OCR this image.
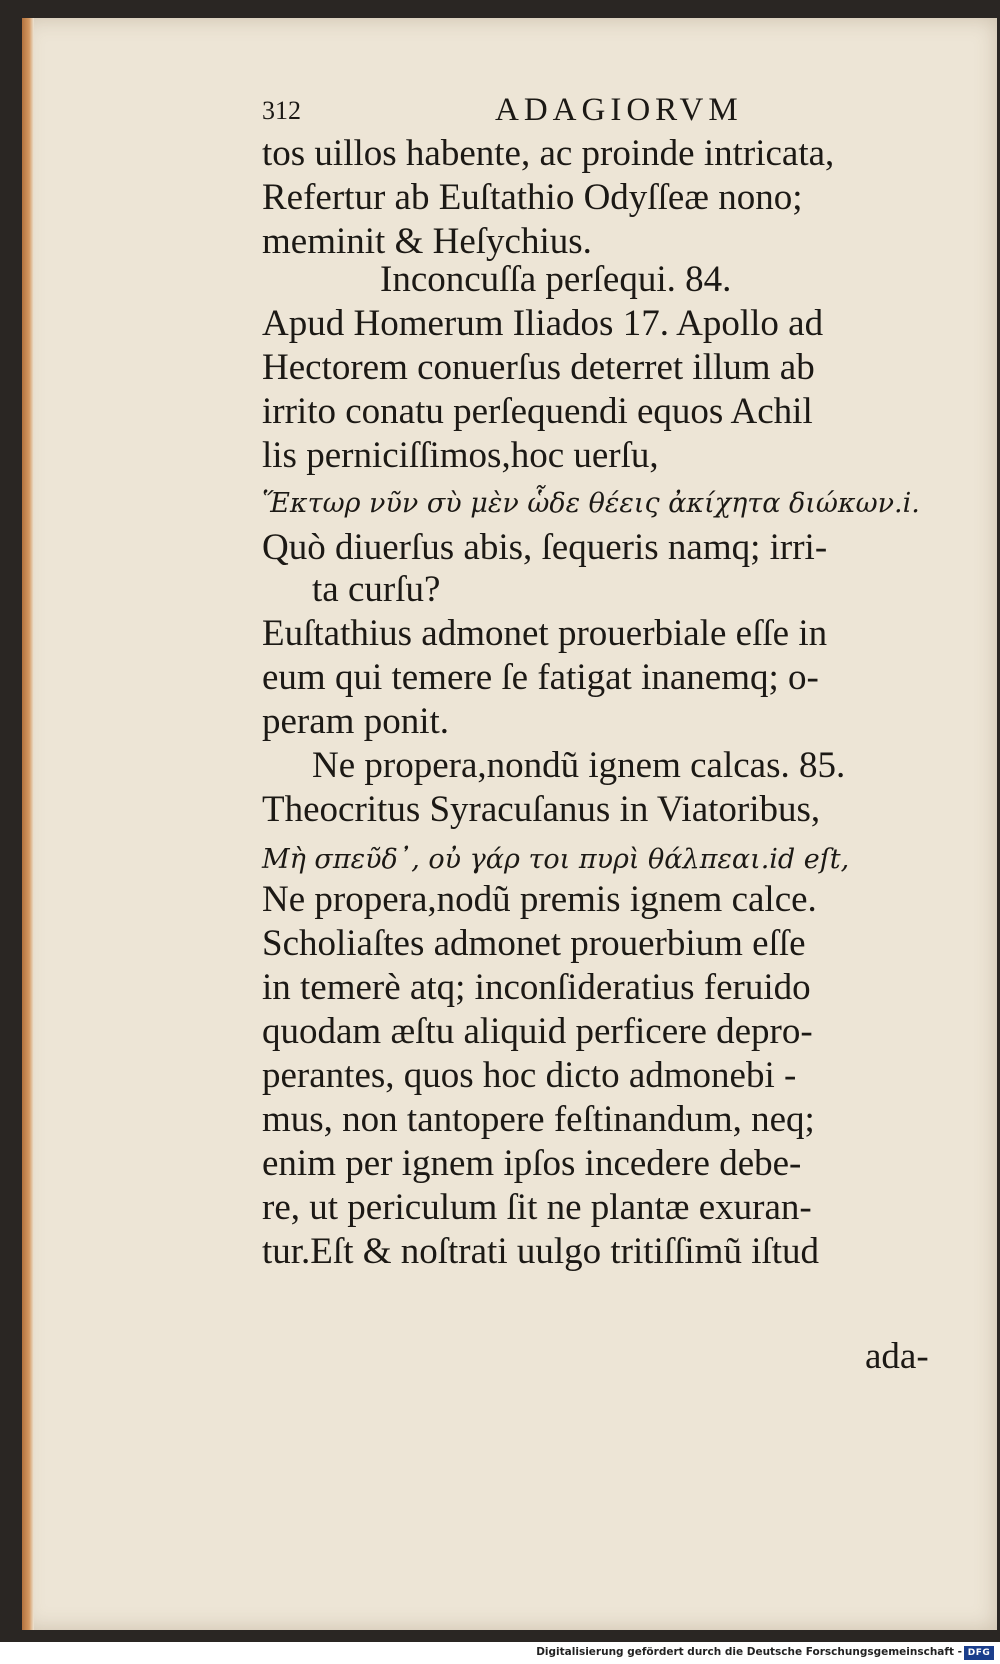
312	ADAGIORVM
tos uillos habente, ac proinde intricata,
Refertur ab Euſtathio Odyſſeæ nono;
meminit & Heſychius.
Inconcuſſa perſequi. 84.
Apud Homerum Iliados 17. Apollo ad
Hectorem conuerſus deterret illum ab
irrito conatu perſequendi equos Achil
lis perniciſſimos,hoc uerſu,
Ἕκτωρ νῦν σὺ μὲν ὧδε θέεις ἀκίχητα διώκων.i.
Quò diuerſus abis, ſequeris namq; irri-
ta curſu?
Euſtathius admonet prouerbiale eſſe in
eum qui temere ſe fatigat inanemq; o-
peram ponit.
Ne propera,nondũ ignem calcas. 85.
Theocritus Syracuſanus in Viatoribus,
Μὴ σπεῦδ᾽, οὐ γάρ τοι πυρὶ θάλπεαι.id eſt,
Ne propera,nodũ premis ignem calce.
Scholiaſtes admonet prouerbium eſſe
in temerè atq; inconſideratius feruido
quodam æſtu aliquid perficere depro-
perantes, quos hoc dicto admonebi -
mus, non tantopere feſtinandum, neq;
enim per ignem ipſos incedere debe-
re, ut periculum ſit ne plantæ exuran-
tur.Eſt & noſtrati uulgo tritiſſimũ iſtud
ada-
Digitalisierung gefördert durch die Deutsche Forschungsgemeinschaft - DFG
